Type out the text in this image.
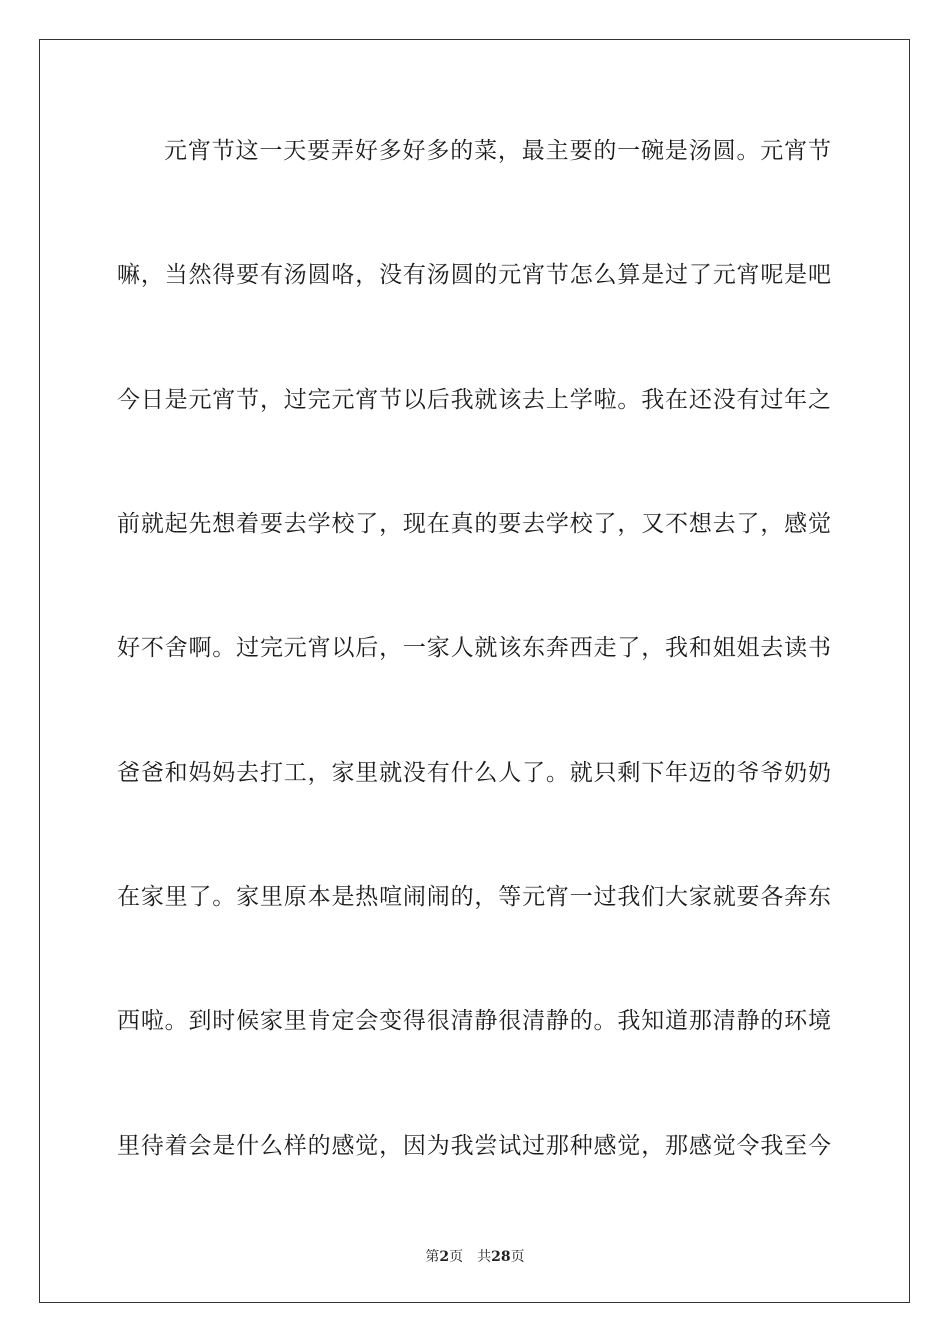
元宵节这一天要弄好多好多的菜，最主要的一碗是汤圆。元宵节
嘛，当然得要有汤圆咯，没有汤圆的元宵节怎么算是过了元宵呢是吧
今日是元宵节，过完元宵节以后我就该去上学啦。我在还没有过年之
前就起先想着要去学校了，现在真的要去学校了，又不想去了，感觉
好不舍啊。过完元宵以后，一家人就该东奔西走了，我和姐姐去读书
爸爸和妈妈去打工，家里就没有什么人了。就只剩下年迈的爷爷奶奶
在家里了。家里原本是热喧闹闹的，等元宵一过我们大家就要各奔东
西啦。到时候家里肯定会变得很清静很清静的。我知道那清静的环境
里待着会是什么样的感觉，因为我尝试过那种感觉，那感觉令我至今
第2页 共28页
